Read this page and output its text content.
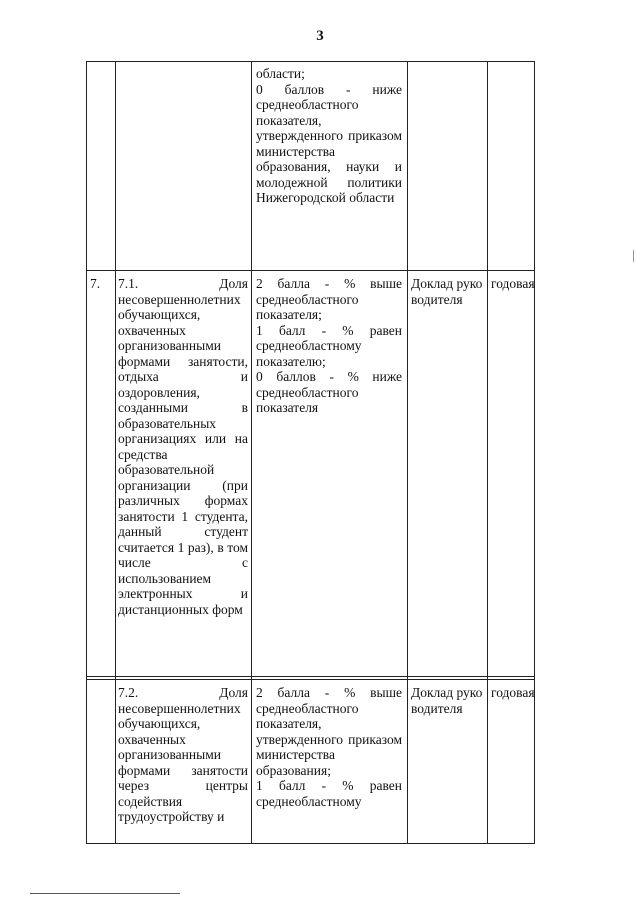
3
области;
0 баллов - ниже среднеобластного показателя, утвержденного приказом министерства образования, науки и молодежной политики Нижегородской области
7.	7.1. Доля несовершеннолетних обучающихся, охваченных организованными формами занятости, отдыха и оздоровления, созданными в образовательных организациях или на средства образовательной организации (при различных формах занятости 1 студента, данный студент считается 1 раз), в том числе с использованием электронных и дистанционных форм
2 балла - % выше среднеобластного показателя;
1 балл - % равен среднеобластному показателю;
0 баллов - % ниже среднеобластного показателя
Доклад руководителя
годовая
7.2. Доля несовершеннолетних обучающихся, охваченных организованными формами занятости через центры содействия трудоустройству и
2 балла - % выше среднеобластного показателя, утвержденного приказом министерства образования;
1 балл - % равен среднеобластному
Доклад руководителя
годовая
